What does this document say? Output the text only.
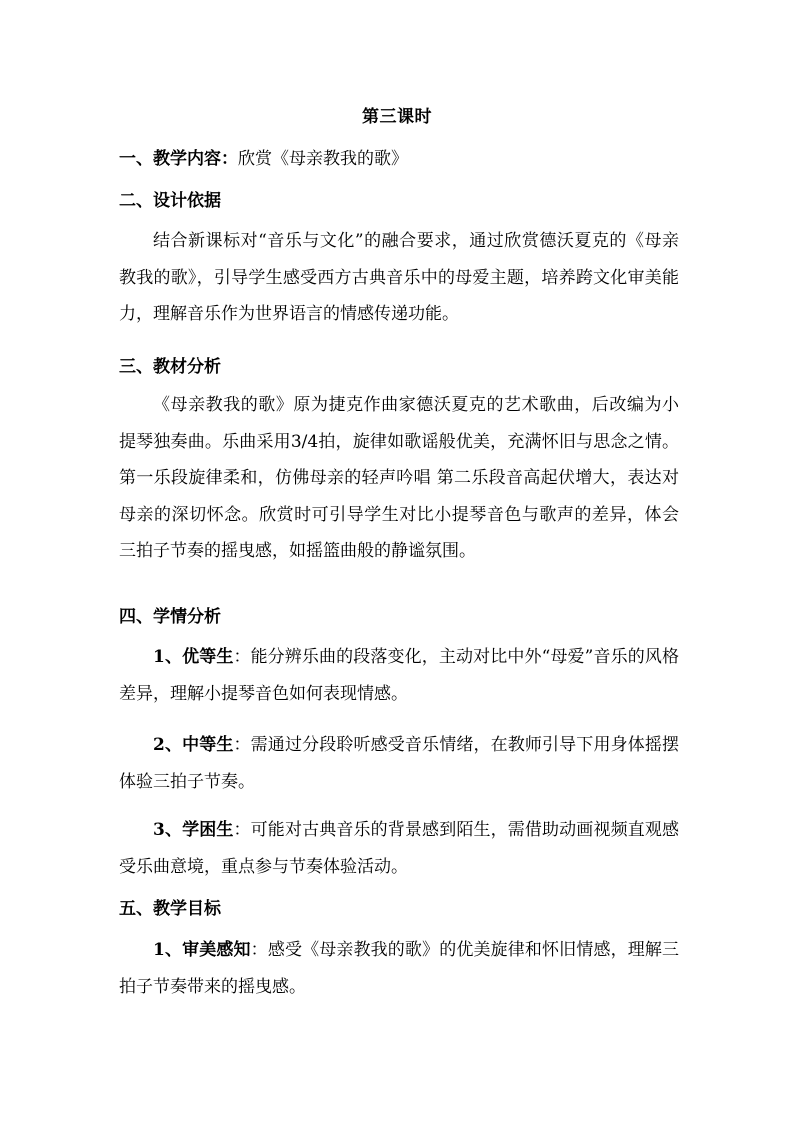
第三课时
一、教学内容：欣赏《母亲教我的歌》
二、设计依据
结合新课标对“音乐与文化”的融合要求，通过欣赏德沃夏克的《母亲教我的歌》，引导学生感受西方古典音乐中的母爱主题，培养跨文化审美能力，理解音乐作为世界语言的情感传递功能。
三、教材分析
《母亲教我的歌》原为捷克作曲家德沃夏克的艺术歌曲，后改编为小提琴独奏曲。乐曲采用3/4拍，旋律如歌谣般优美，充满怀旧与思念之情。第一乐段旋律柔和，仿佛母亲的轻声吟唱 第二乐段音高起伏增大，表达对母亲的深切怀念。欣赏时可引导学生对比小提琴音色与歌声的差异，体会三拍子节奏的摇曳感，如摇篮曲般的静谧氛围。
四、学情分析
1、优等生：能分辨乐曲的段落变化，主动对比中外“母爱”音乐的风格差异，理解小提琴音色如何表现情感。
2、中等生：需通过分段聆听感受音乐情绪，在教师引导下用身体摇摆体验三拍子节奏。
3、学困生：可能对古典音乐的背景感到陌生，需借助动画视频直观感受乐曲意境，重点参与节奏体验活动。
五、教学目标
1、审美感知：感受《母亲教我的歌》的优美旋律和怀旧情感，理解三拍子节奏带来的摇曳感。
